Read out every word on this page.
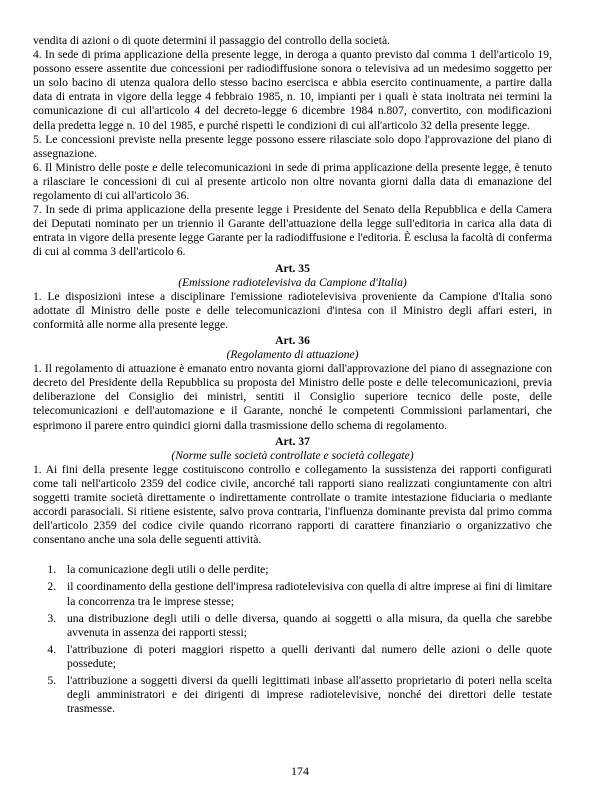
vendita di azioni o di quote determini il passaggio del controllo della società.

4. In sede di prima applicazione della presente legge, in deroga a quanto previsto dal comma 1 dell'articolo 19, possono essere assentite due concessioni per radiodiffusione sonora o televisiva ad un medesimo soggetto per un solo bacino di utenza qualora dello stesso bacino esercisca e abbia esercito continuamente, a partire dalla data di entrata in vigore della legge 4 febbraio 1985, n. 10, impianti per i quali è stata inoltrata nei termini la comunicazione di cui all'articolo 4 del decreto-legge 6 dicembre 1984 n.807, convertito, con modificazioni della predetta legge n. 10 del 1985, e purché rispetti le condizioni di cui all'articolo 32 della presente legge.

5. Le concessioni previste nella presente legge possono essere rilasciate solo dopo l'approvazione del piano di assegnazione.

6. Il Ministro delle poste e delle telecomunicazioni in sede di prima applicazione della presente legge, è tenuto a rilasciare le concessioni di cui al presente articolo non oltre novanta giorni dalla data di emanazione del regolamento di cui all'articolo 36.

7. In sede di prima applicazione della presente legge i Presidente del Senato della Repubblica e della Camera dei Deputati nominato per un triennio il Garante dell'attuazione della legge sull'editoria in carica alla data di entrata in vigore della presente legge Garante per la radiodiffusione e l'editoria. È esclusa la facoltà di conferma di cui al comma 3 dell'articolo 6.

Art. 35
(Emissione radiotelevisiva da Campione d'Italia)

1. Le disposizioni intese a disciplinare l'emissione radiotelevisiva proveniente da Campione d'Italia sono adottate dl Ministro delle poste e delle telecomunicazioni d'intesa con il Ministro degli affari esteri, in conformità alle norme alla presente legge.

Art. 36
(Regolamento di attuazione)

1. Il regolamento di attuazione è emanato entro novanta giorni dall'approvazione del piano di assegnazione con decreto del Presidente della Repubblica su proposta del Ministro delle poste e delle telecomunicazioni, previa deliberazione del Consiglio dei ministri, sentiti il Consiglio superiore tecnico delle poste, delle telecomunicazioni e dell'automazione e il Garante, nonché le competenti Commissioni parlamentari, che esprimono il parere entro quindici giorni dalla trasmissione dello schema di regolamento.

Art. 37
(Norme sulle società controllate e società collegate)

1. Ai fini della presente legge costituiscono controllo e collegamento la sussistenza dei rapporti configurati come tali nell'articolo 2359 del codice civile, ancorché tali rapporti siano realizzati congiuntamente con altri soggetti tramite società direttamente o indirettamente controllate o tramite intestazione fiduciaria o mediante accordi parasociali. Si ritiene esistente, salvo prova contraria, l'influenza dominante prevista dal primo comma dell'articolo 2359 del codice civile quando ricorrano rapporti di carattere finanziario o organizzativo che consentano anche una sola delle seguenti attività.

1. la comunicazione degli utili o delle perdite;
2. il coordinamento della gestione dell'impresa radiotelevisiva con quella di altre imprese ai fini di limitare la concorrenza tra le imprese stesse;
3. una distribuzione degli utili o delle diversa, quando ai soggetti o alla misura, da quella che sarebbe avvenuta in assenza dei rapporti stessi;
4. l'attribuzione di poteri maggiori rispetto a quelli derivanti dal numero delle azioni o delle quote possedute;
5. l'attribuzione a soggetti diversi da quelli legittimati inbase all'assetto proprietario di poteri nella scelta degli amministratori e dei dirigenti di imprese radiotelevisive, nonché dei direttori delle testate trasmesse.
174
